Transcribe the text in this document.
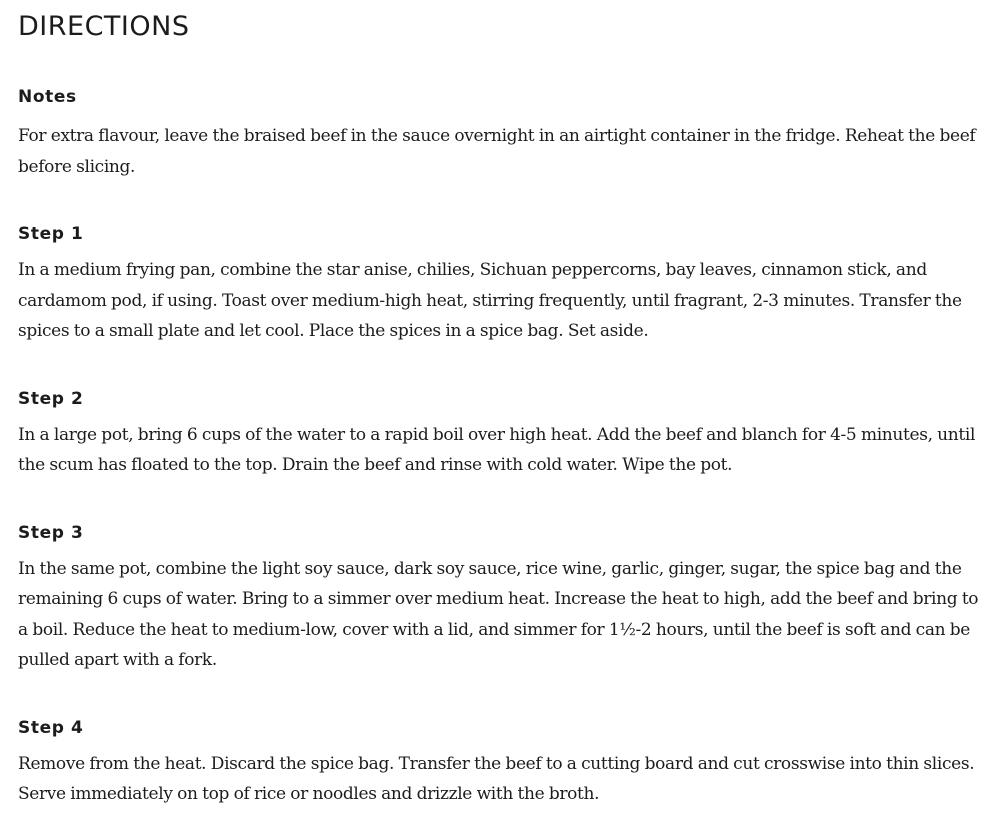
DIRECTIONS
Notes

For extra flavour, leave the braised beef in the sauce overnight in an airtight container in the fridge. Reheat the beef before slicing.

Step 1

In a medium frying pan, combine the star anise, chilies, Sichuan peppercorns, bay leaves, cinnamon stick, and cardamom pod, if using. Toast over medium-high heat, stirring frequently, until fragrant, 2-3 minutes. Transfer the spices to a small plate and let cool. Place the spices in a spice bag. Set aside.

Step 2

In a large pot, bring 6 cups of the water to a rapid boil over high heat. Add the beef and blanch for 4-5 minutes, until the scum has floated to the top. Drain the beef and rinse with cold water. Wipe the pot.

Step 3

In the same pot, combine the light soy sauce, dark soy sauce, rice wine, garlic, ginger, sugar, the spice bag and the remaining 6 cups of water. Bring to a simmer over medium heat. Increase the heat to high, add the beef and bring to a boil. Reduce the heat to medium-low, cover with a lid, and simmer for 1½-2 hours, until the beef is soft and can be pulled apart with a fork.

Step 4

Remove from the heat. Discard the spice bag. Transfer the beef to a cutting board and cut crosswise into thin slices. Serve immediately on top of rice or noodles and drizzle with the broth.
